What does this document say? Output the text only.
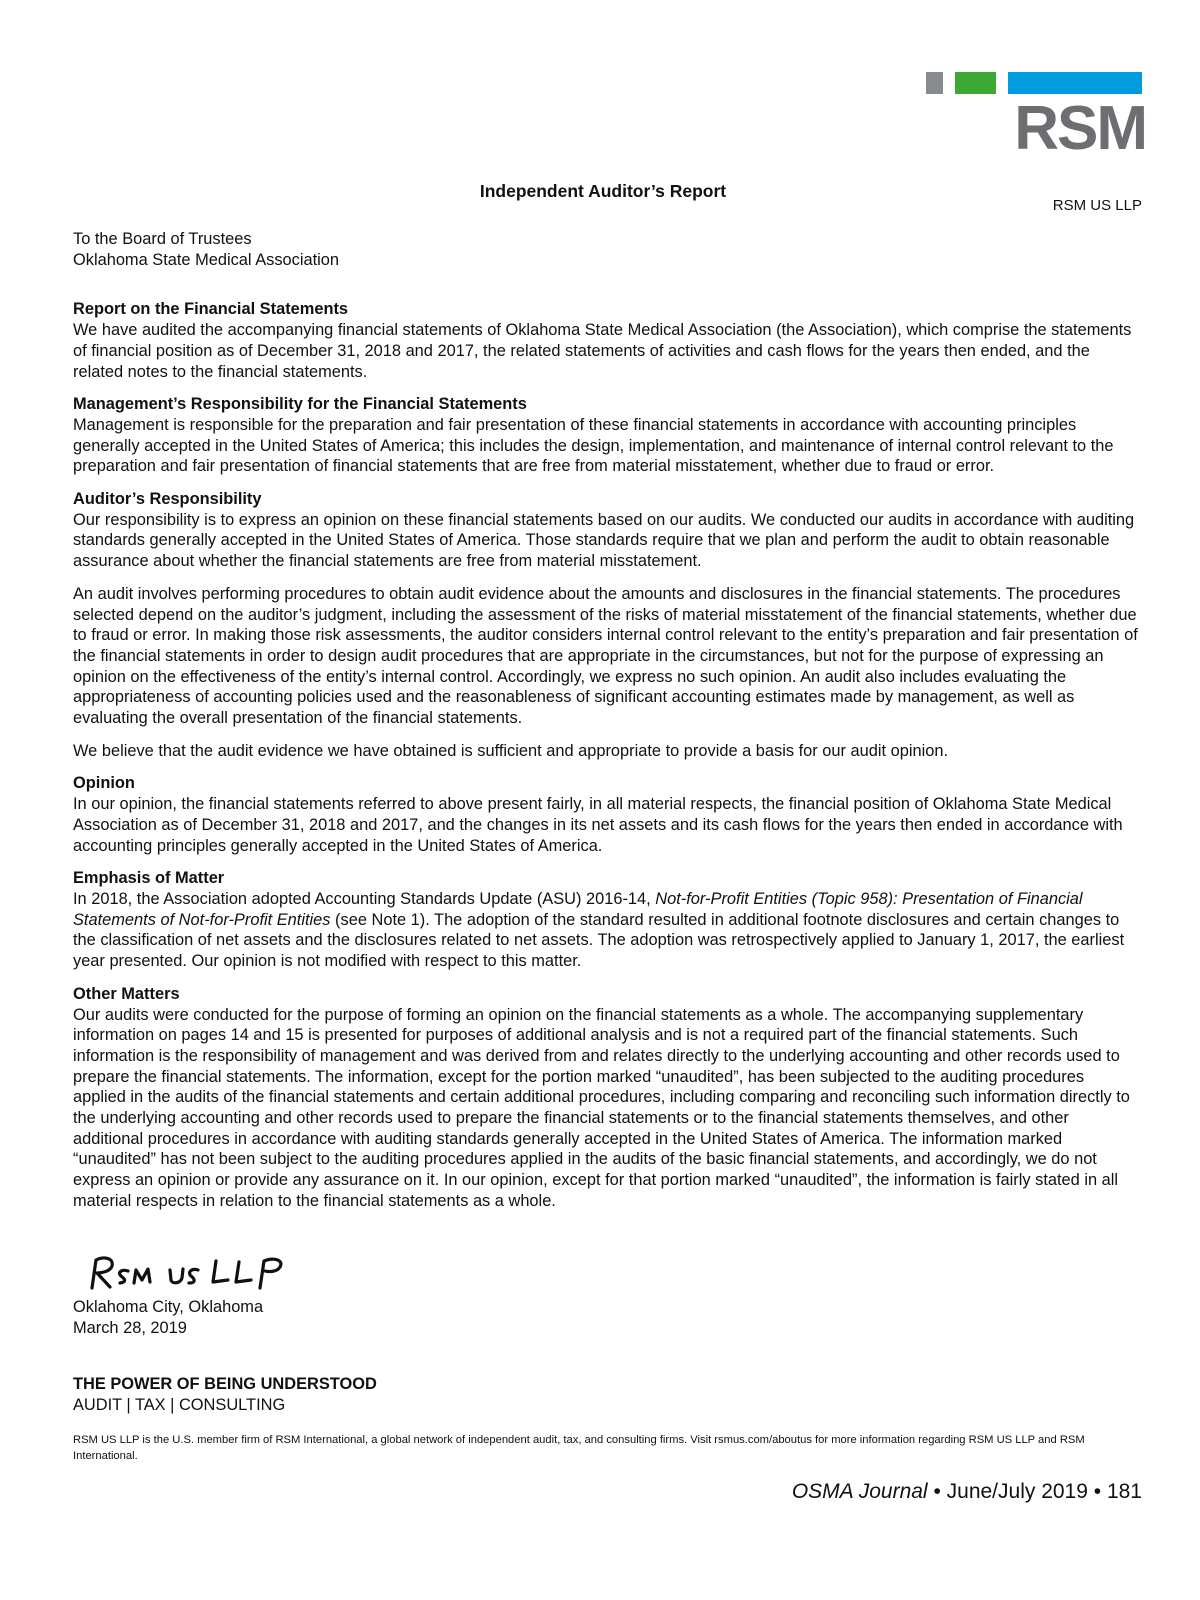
RSM
RSM US LLP
Independent Auditor’s Report

To the Board of Trustees
Oklahoma State Medical Association

Report on the Financial Statements

We have audited the accompanying financial statements of Oklahoma State Medical Association (the Association), which comprise the statements of financial position as of December 31, 2018 and 2017, the related statements of activities and cash flows for the years then ended, and the related notes to the financial statements.

Management’s Responsibility for the Financial Statements

Management is responsible for the preparation and fair presentation of these financial statements in accordance with accounting principles generally accepted in the United States of America; this includes the design, implementation, and maintenance of internal control relevant to the preparation and fair presentation of financial statements that are free from material misstatement, whether due to fraud or error.

Auditor’s Responsibility

Our responsibility is to express an opinion on these financial statements based on our audits. We conducted our audits in accordance with auditing standards generally accepted in the United States of America. Those standards require that we plan and perform the audit to obtain reasonable assurance about whether the financial statements are free from material misstatement.

An audit involves performing procedures to obtain audit evidence about the amounts and disclosures in the financial statements. The procedures selected depend on the auditor’s judgment, including the assessment of the risks of material misstatement of the financial statements, whether due to fraud or error. In making those risk assessments, the auditor considers internal control relevant to the entity’s preparation and fair presentation of the financial statements in order to design audit procedures that are appropriate in the circumstances, but not for the purpose of expressing an opinion on the effectiveness of the entity’s internal control. Accordingly, we express no such opinion. An audit also includes evaluating the appropriateness of accounting policies used and the reasonableness of significant accounting estimates made by management, as well as evaluating the overall presentation of the financial statements.

We believe that the audit evidence we have obtained is sufficient and appropriate to provide a basis for our audit opinion.

Opinion

In our opinion, the financial statements referred to above present fairly, in all material respects, the financial position of Oklahoma State Medical Association as of December 31, 2018 and 2017, and the changes in its net assets and its cash flows for the years then ended in accordance with accounting principles generally accepted in the United States of America.

Emphasis of Matter

In 2018, the Association adopted Accounting Standards Update (ASU) 2016-14, Not-for-Profit Entities (Topic 958): Presentation of Financial Statements of Not-for-Profit Entities (see Note 1). The adoption of the standard resulted in additional footnote disclosures and certain changes to the classification of net assets and the disclosures related to net assets. The adoption was retrospectively applied to January 1, 2017, the earliest year presented. Our opinion is not modified with respect to this matter.

Other Matters

Our audits were conducted for the purpose of forming an opinion on the financial statements as a whole. The accompanying supplementary information on pages 14 and 15 is presented for purposes of additional analysis and is not a required part of the financial statements. Such information is the responsibility of management and was derived from and relates directly to the underlying accounting and other records used to prepare the financial statements. The information, except for the portion marked “unaudited”, has been subjected to the auditing procedures applied in the audits of the financial statements and certain additional procedures, including comparing and reconciling such information directly to the underlying accounting and other records used to prepare the financial statements or to the financial statements themselves, and other additional procedures in accordance with auditing standards generally accepted in the United States of America. The information marked “unaudited” has not been subject to the auditing procedures applied in the audits of the basic financial statements, and accordingly, we do not express an opinion or provide any assurance on it. In our opinion, except for that portion marked “unaudited”, the information is fairly stated in all material respects in relation to the financial statements as a whole.

Oklahoma City, Oklahoma
March 28, 2019
THE POWER OF BEING UNDERSTOOD
AUDIT | TAX | CONSULTING
RSM US LLP is the U.S. member firm of RSM International, a global network of independent audit, tax, and consulting firms. Visit rsmus.com/aboutus for more information regarding RSM US LLP and RSM International.
OSMA Journal • June/July 2019 • 181
